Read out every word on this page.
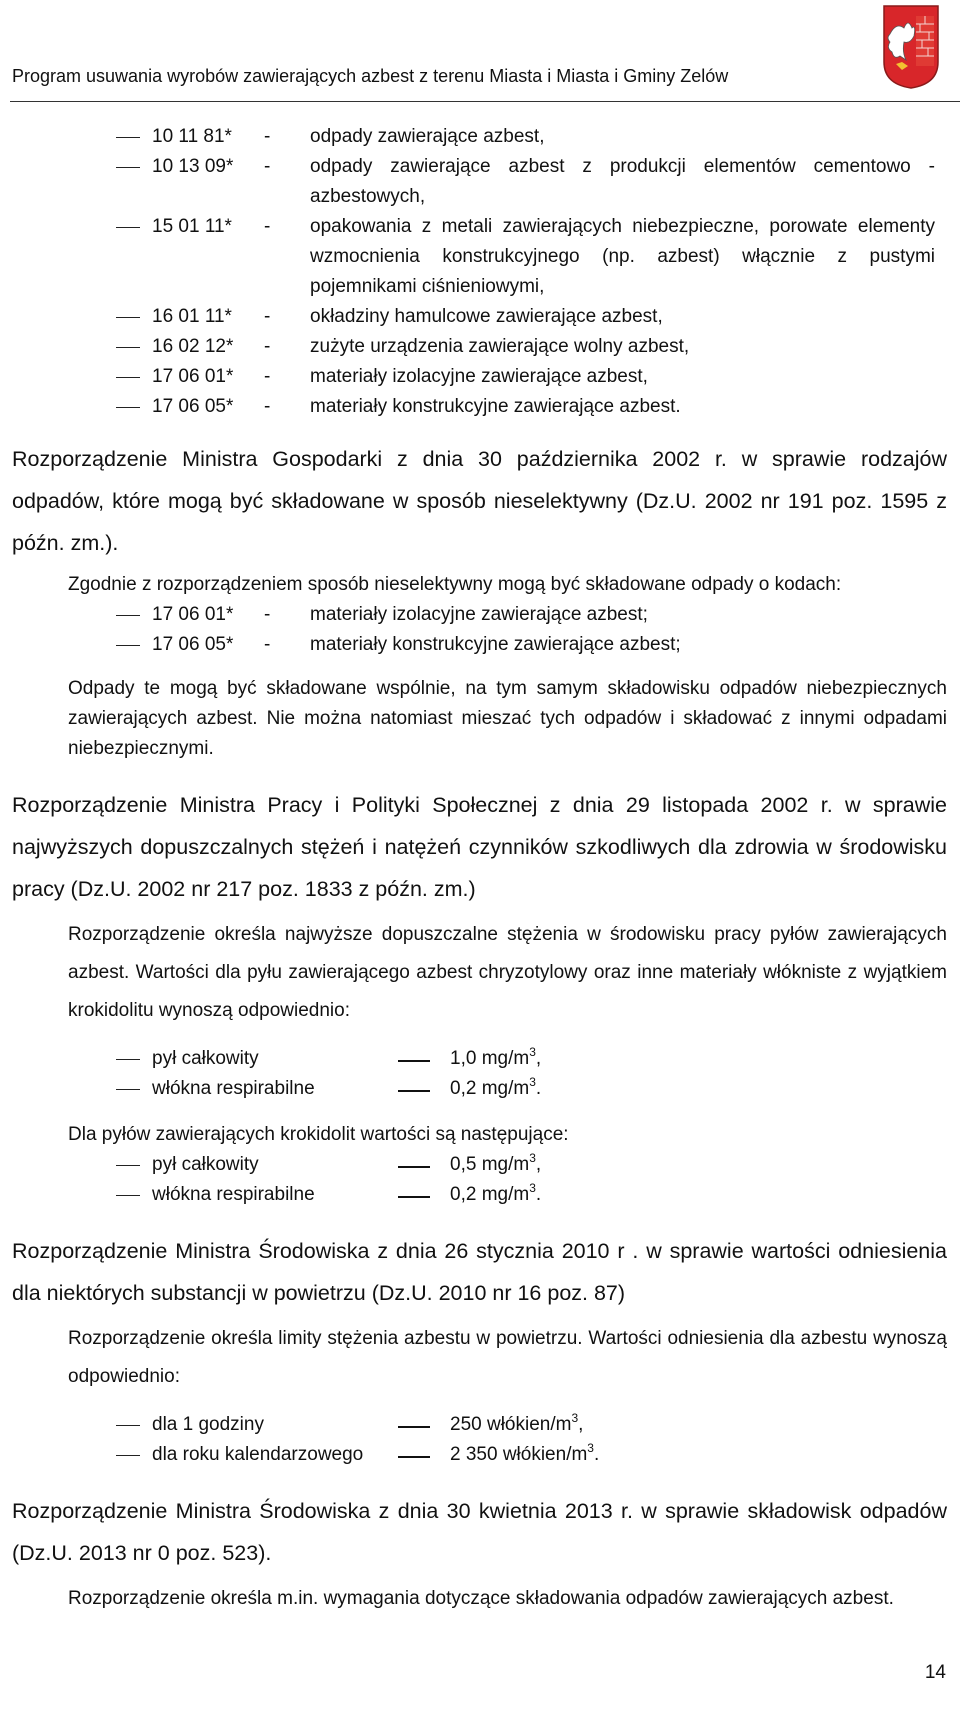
Program usuwania wyrobów zawierających azbest z terenu Miasta i Miasta i Gminy Zelów
10 11 81*	-	odpady zawierające azbest,
10 13 09*	-	odpady zawierające azbest z produkcji elementów cementowo - azbestowych,
15 01 11*	-	opakowania z metali zawierających niebezpieczne, porowate elementy wzmocnienia konstrukcyjnego (np. azbest) włącznie z pustymi pojemnikami ciśnieniowymi,
16 01 11*	-	okładziny hamulcowe zawierające azbest,
16 02 12*	-	zużyte urządzenia zawierające wolny azbest,
17 06 01*	-	materiały izolacyjne zawierające azbest,
17 06 05*	-	materiały konstrukcyjne zawierające azbest.
Rozporządzenie Ministra Gospodarki z dnia 30 października 2002 r. w sprawie rodzajów odpadów, które mogą być składowane w sposób nieselektywny (Dz.U. 2002 nr 191 poz. 1595 z późn. zm.).
Zgodnie z rozporządzeniem sposób nieselektywny mogą być składowane odpady o kodach:
17 06 01*	-	materiały izolacyjne zawierające azbest;
17 06 05*	-	materiały konstrukcyjne zawierające azbest;
Odpady te mogą być składowane wspólnie, na tym samym składowisku odpadów niebezpiecznych zawierających azbest. Nie można natomiast mieszać tych odpadów i składować z innymi odpadami niebezpiecznymi.
Rozporządzenie Ministra Pracy i Polityki Społecznej z dnia 29 listopada 2002 r. w sprawie najwyższych dopuszczalnych stężeń i natężeń czynników szkodliwych dla zdrowia w środowisku pracy (Dz.U. 2002 nr 217 poz. 1833 z późn. zm.)
Rozporządzenie określa najwyższe dopuszczalne stężenia w środowisku pracy pyłów zawierających azbest. Wartości dla pyłu zawierającego azbest chryzotylowy oraz inne materiały włókniste z wyjątkiem krokidolitu wynoszą odpowiednio:
pył całkowity	1,0 $mg/m^3$,
włókna respirabilne	0,2 $mg/m^3$.
Dla pyłów zawierających krokidolit wartości są następujące:
pył całkowity	0,5 $mg/m^3$,
włókna respirabilne	0,2 $mg/m^3$.
Rozporządzenie Ministra Środowiska z dnia 26 stycznia 2010 r . w sprawie wartości odniesienia dla niektórych substancji w powietrzu (Dz.U. 2010 nr 16 poz. 87)
Rozporządzenie określa limity stężenia azbestu w powietrzu. Wartości odniesienia dla azbestu wynoszą odpowiednio:
dla 1 godziny	250 włókien/$m^3$,
dla roku kalendarzowego	2 350 włókien/$m^3$.
Rozporządzenie Ministra Środowiska z dnia 30 kwietnia 2013 r. w sprawie składowisk odpadów (Dz.U. 2013 nr 0 poz. 523).
Rozporządzenie określa m.in. wymagania dotyczące składowania odpadów zawierających azbest.
14
